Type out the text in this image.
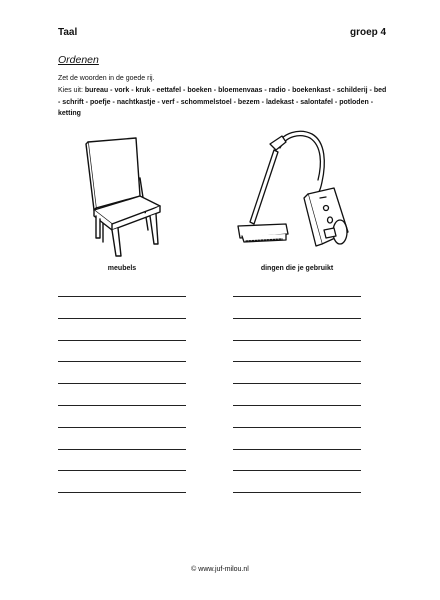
Taal	groep 4
Ordenen
Zet de woorden in de goede rij.
Kies uit: bureau - vork - kruk - eettafel - boeken - bloemenvaas - radio - boekenkast - schilderij - bed - schrift - poefje - nachtkastje - verf - schommelstoel - bezem - ladekast - salontafel - potloden - ketting
meubels	dingen die je gebruikt
© www.juf-milou.nl
